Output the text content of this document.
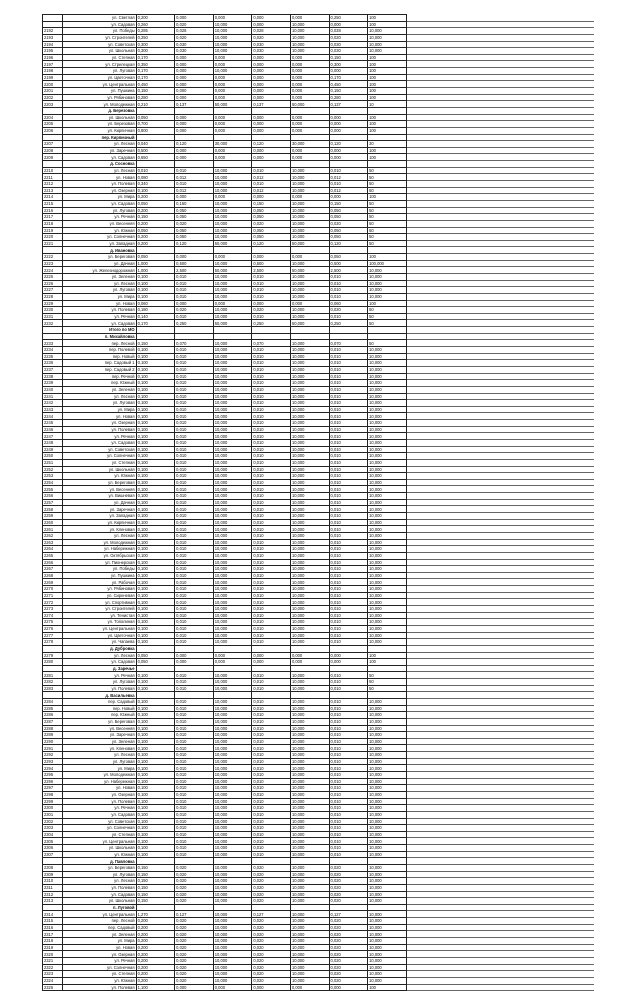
	ул. Светлая	0,200	0,000	0,000	0,000	0,000	0,250	100					
	ул. Садовая	0,260	0,020	10,000	0,000	10,000	0,000	100					
2192	ул. Победы	0,285	0,028	10,000	0,028	10,000	0,028	10,000					
2193	ул. Строителей	0,250	0,020	10,000	0,020	10,000	0,020	10,000					
2194	ул. Советская	0,300	0,030	10,000	0,030	10,000	0,030	10,000					
2195	ул. Школьная	0,300	0,030	10,000	0,030	10,000	0,030	10,000					
2196	ул. Степная	0,170	0,000	0,000	0,000	0,000	0,150	100					
2197	ул. Стрелецкая	0,350	0,000	0,000	0,000	0,000	0,300	100					
2198	ул. Луговая	0,170	0,000	10,000	0,000	0,000	0,000	100					
2199	ул. Цветочная	0,170	0,000	0,000	0,000	0,000	0,170	100					
2200	ул. Центральная	0,450	0,000	0,000	0,000	0,000	0,450	100					
2201	ул. Пушкина	0,150	0,000	0,000	0,000	0,000	0,150	100					
2202	ул. Рябиновая	0,280	0,000	0,000	0,000	0,000	0,280	100					
2203	ул. Молодежная	0,210	0,137	50,000	0,137	50,000	0,137	10					
	д. Березовка												
2204	ул. Школьная	0,050	0,000	0,000	0,000	0,000	0,000	100					
2205	ул. Березовая	0,700	0,000	0,000	0,000	0,000	0,000	100					
2206	ул. Кирпичная	0,800	0,000	0,000	0,000	0,000	0,000	100					
	пер. Кирпичный												
2207	ул. Лесная	0,040	0,120	30,000	0,120	30,000	0,120	30					
2208	ул. Заречная	0,500	0,000	0,000	0,000	0,000	0,000	100					
2209	ул. Садовая	0,650	0,000	0,000	0,000	0,000	0,000	100					
	д. Сосновка												
2210	ул. Лесная	0,010	0,010	10,000	0,010	10,000	0,010	50					
2211	ул. Новая	0,080	0,012	10,000	0,012	10,000	0,012	50					
2212	ул. Полевая	0,340	0,010	10,000	0,010	10,000	0,010	50					
2213	ул. Озерная	0,100	0,012	10,000	0,012	10,000	0,012	50					
2214	ул. Мира	0,200	0,000	0,000	0,000	0,000	0,000	100					
2215	ул. Садовая	0,050	0,150	10,000	0,150	10,000	0,150	50					
2216	ул. Луговая	0,200	0,050	10,000	0,050	10,000	0,050	50					
2217	ул. Речная	0,150	0,050	10,000	0,050	10,000	0,050	50					
2218	ул. Весенняя	0,200	0,020	10,000	0,020	10,000	0,020	50					
2219	ул. Южная	0,050	0,050	10,000	0,050	10,000	0,050	50					
2220	ул. Солнечная	0,200	0,050	10,000	0,050	10,000	0,050	50					
2221	ул. Западная	0,200	0,120	50,000	0,120	50,000	0,120	50					
	д. Ивановка												
2222	ул. Береговая	0,050	0,000	0,000	0,000	0,000	0,050	100					
2223	ул. Дачная	1,000	0,500	10,000	0,500	10,000	0,500	100,000					
2224	ул. Железнодорожная	1,000	2,500	50,000	2,500	50,000	2,500	10,000					
2225	ул. Зеленая	0,100	0,010	10,000	0,010	10,000	0,010	10,000					
2226	ул. Лесная	0,100	0,010	10,000	0,010	10,000	0,010	10,000					
2227	ул. Луговая	0,100	0,010	10,000	0,010	10,000	0,010	10,000					
2228	ул. Мира	0,100	0,010	10,000	0,010	10,000	0,010	10,000					
2229	ул. Новая	0,060	0,000	0,000	0,000	0,000	0,060	100					
2230	ул. Полевая	0,180	0,020	10,000	0,020	10,000	0,020	50					
2231	ул. Речная	0,140	0,010	10,000	0,010	10,000	0,010	50					
2232	ул. Садовая	0,170	0,250	50,000	0,250	50,000	0,250	50					
	Итого по МО												
	п. Михайловка												
2233	пер. Лесной	0,150	0,070	10,000	0,070	10,000	0,070	50					
2234	пер. Полевой	0,100	0,010	10,000	0,010	10,000	0,010	10,000					
2235	пер. Новый	0,100	0,010	10,000	0,010	10,000	0,010	10,000					
2236	пер. Садовый 1	0,100	0,010	10,000	0,010	10,000	0,010	10,000					
2237	пер. Садовый 2	0,100	0,010	10,000	0,010	10,000	0,010	10,000					
2238	пер. Речной	0,100	0,010	10,000	0,010	10,000	0,010	10,000					
2239	пер. Южный	0,100	0,010	10,000	0,010	10,000	0,010	10,000					
2240	ул. Зеленая	0,100	0,010	10,000	0,010	10,000	0,010	10,000					
2241	ул. Лесная	0,100	0,010	10,000	0,010	10,000	0,010	10,000					
2242	ул. Луговая	0,100	0,010	10,000	0,010	10,000	0,010	10,000					
2243	ул. Мира	0,100	0,010	10,000	0,010	10,000	0,010	10,000					
2244	ул. Новая	0,100	0,010	10,000	0,010	10,000	0,010	10,000					
2245	ул. Озерная	0,100	0,010	10,000	0,010	10,000	0,010	10,000					
2246	ул. Полевая	0,100	0,010	10,000	0,010	10,000	0,010	10,000					
2247	ул. Речная	0,100	0,010	10,000	0,010	10,000	0,010	10,000					
2248	ул. Садовая	0,100	0,010	10,000	0,010	10,000	0,010	10,000					
2249	ул. Советская	0,100	0,010	10,000	0,010	10,000	0,010	10,000					
2250	ул. Солнечная	0,100	0,010	10,000	0,010	10,000	0,010	10,000					
2251	ул. Степная	0,100	0,010	10,000	0,010	10,000	0,010	10,000					
2252	ул. Школьная	0,100	0,010	10,000	0,010	10,000	0,010	10,000					
2253	ул. Южная	0,100	0,010	10,000	0,010	10,000	0,010	10,000					
2254	ул. Береговая	0,100	0,010	10,000	0,010	10,000	0,010	10,000					
2255	ул. Весенняя	0,100	0,010	10,000	0,010	10,000	0,010	10,000					
2256	ул. Вишневая	0,100	0,010	10,000	0,010	10,000	0,010	10,000					
2257	ул. Дачная	0,100	0,010	10,000	0,010	10,000	0,010	10,000					
2258	ул. Заречная	0,100	0,010	10,000	0,010	10,000	0,010	10,000					
2259	ул. Западная	0,100	0,010	10,000	0,010	10,000	0,010	10,000					
2260	ул. Кирпичная	0,100	0,010	10,000	0,010	10,000	0,010	10,000					
2261	ул. Кленовая	0,100	0,010	10,000	0,010	10,000	0,010	10,000					
2262	ул. Лесная	0,100	0,010	10,000	0,010	10,000	0,010	10,000					
2263	ул. Молодежная	0,100	0,010	10,000	0,010	10,000	0,010	10,000					
2264	ул. Набережная	0,100	0,010	10,000	0,010	10,000	0,010	10,000					
2265	ул. Октябрьская	0,100	0,010	10,000	0,010	10,000	0,010	10,000					
2266	ул. Пионерская	0,100	0,010	10,000	0,010	10,000	0,010	10,000					
2267	ул. Победы	0,100	0,010	10,000	0,010	10,000	0,010	10,000					
2268	ул. Пушкина	0,100	0,010	10,000	0,010	10,000	0,010	10,000					
2269	ул. Рабочая	0,100	0,010	10,000	0,010	10,000	0,010	10,000					
2270	ул. Рябиновая	0,100	0,010	10,000	0,010	10,000	0,010	10,000					
2271	ул. Сиреневая	0,100	0,010	10,000	0,010	10,000	0,010	10,000					
2272	ул. Спортивная	0,100	0,010	10,000	0,010	10,000	0,010	10,000					
2273	ул. Строителей	0,100	0,010	10,000	0,010	10,000	0,010	10,000					
2274	ул. Тенистая	0,100	0,010	10,000	0,010	10,000	0,010	10,000					
2275	ул. Тополиная	0,100	0,010	10,000	0,010	10,000	0,010	10,000					
2276	ул. Центральная	0,100	0,010	10,000	0,010	10,000	0,010	10,000					
2277	ул. Цветочная	0,100	0,010	10,000	0,010	10,000	0,010	10,000					
2278	ул. Чапаева	0,100	0,010	10,000	0,010	10,000	0,010	10,000					
	д. Дубровка												
2279	ул. Лесная	0,050	0,000	0,000	0,000	0,000	0,000	100					
2280	ул. Садовая	0,050	0,000	0,000	0,000	0,000	0,000	100					
	д. Заречье												
2281	ул. Речная	0,100	0,010	10,000	0,010	10,000	0,010	50					
2282	ул. Луговая	0,100	0,010	10,000	0,010	10,000	0,010	50					
2283	ул. Полевая	0,100	0,010	10,000	0,010	10,000	0,010	50					
	д. Васильевка												
2284	пер. Садовый	0,100	0,010	10,000	0,010	10,000	0,010	10,000					
2285	пер. Новый	0,100	0,010	10,000	0,010	10,000	0,010	10,000					
2286	пер. Южный	0,100	0,010	10,000	0,010	10,000	0,010	10,000					
2287	ул. Береговая	0,100	0,010	10,000	0,010	10,000	0,010	10,000					
2288	ул. Весенняя	0,100	0,010	10,000	0,010	10,000	0,010	10,000					
2289	ул. Заречная	0,100	0,010	10,000	0,010	10,000	0,010	10,000					
2290	ул. Зеленая	0,100	0,010	10,000	0,010	10,000	0,010	10,000					
2291	ул. Кленовая	0,100	0,010	10,000	0,010	10,000	0,010	10,000					
2292	ул. Лесная	0,100	0,010	10,000	0,010	10,000	0,010	10,000					
2293	ул. Луговая	0,100	0,010	10,000	0,010	10,000	0,010	10,000					
2294	ул. Мира	0,100	0,010	10,000	0,010	10,000	0,010	10,000					
2295	ул. Молодежная	0,100	0,010	10,000	0,010	10,000	0,010	10,000					
2296	ул. Набережная	0,100	0,010	10,000	0,010	10,000	0,010	10,000					
2297	ул. Новая	0,100	0,010	10,000	0,010	10,000	0,010	10,000					
2298	ул. Озерная	0,100	0,010	10,000	0,010	10,000	0,010	10,000					
2299	ул. Полевая	0,100	0,010	10,000	0,010	10,000	0,010	10,000					
2300	ул. Речная	0,100	0,010	10,000	0,010	10,000	0,010	10,000					
2301	ул. Садовая	0,100	0,010	10,000	0,010	10,000	0,010	10,000					
2302	ул. Советская	0,100	0,010	10,000	0,010	10,000	0,010	10,000					
2303	ул. Солнечная	0,100	0,010	10,000	0,010	10,000	0,010	10,000					
2304	ул. Степная	0,100	0,010	10,000	0,010	10,000	0,010	10,000					
2305	ул. Центральная	0,100	0,010	10,000	0,010	10,000	0,010	10,000					
2306	ул. Школьная	0,100	0,010	10,000	0,010	10,000	0,010	10,000					
2307	ул. Южная	0,100	0,010	10,000	0,010	10,000	0,010	10,000					
	д. Павловка												
2308	ул. Береговая	0,150	0,020	10,000	0,020	10,000	0,020	10,000					
2309	ул. Луговая	0,150	0,020	10,000	0,020	10,000	0,020	10,000					
2310	ул. Лесная	0,150	0,020	10,000	0,020	10,000	0,020	10,000					
2311	ул. Полевая	0,150	0,020	10,000	0,020	10,000	0,020	10,000					
2312	ул. Садовая	0,150	0,020	10,000	0,020	10,000	0,020	10,000					
2313	ул. Школьная	0,150	0,020	10,000	0,020	10,000	0,020	10,000					
	п. Луговой												
2314	ул. Центральная	1,270	0,127	10,000	0,127	10,000	0,127	10,000					
2315	пер. Лесной	0,200	0,020	10,000	0,020	10,000	0,020	10,000					
2316	пер. Садовый	0,200	0,020	10,000	0,020	10,000	0,020	10,000					
2317	ул. Зеленая	0,200	0,020	10,000	0,020	10,000	0,020	10,000					
2318	ул. Мира	0,200	0,020	10,000	0,020	10,000	0,020	10,000					
2319	ул. Новая	0,200	0,020	10,000	0,020	10,000	0,020	10,000					
2320	ул. Озерная	0,200	0,020	10,000	0,020	10,000	0,020	10,000					
2321	ул. Речная	0,200	0,020	10,000	0,020	10,000	0,020	10,000					
2322	ул. Солнечная	0,200	0,020	10,000	0,020	10,000	0,020	10,000					
2323	ул. Степная	0,200	0,020	10,000	0,020	10,000	0,020	10,000					
2324	ул. Южная	0,200	0,020	10,000	0,020	10,000	0,020	10,000					
2325	ул. Полевая	1,100	0,000	0,000	0,000	0,000	0,000	100					
